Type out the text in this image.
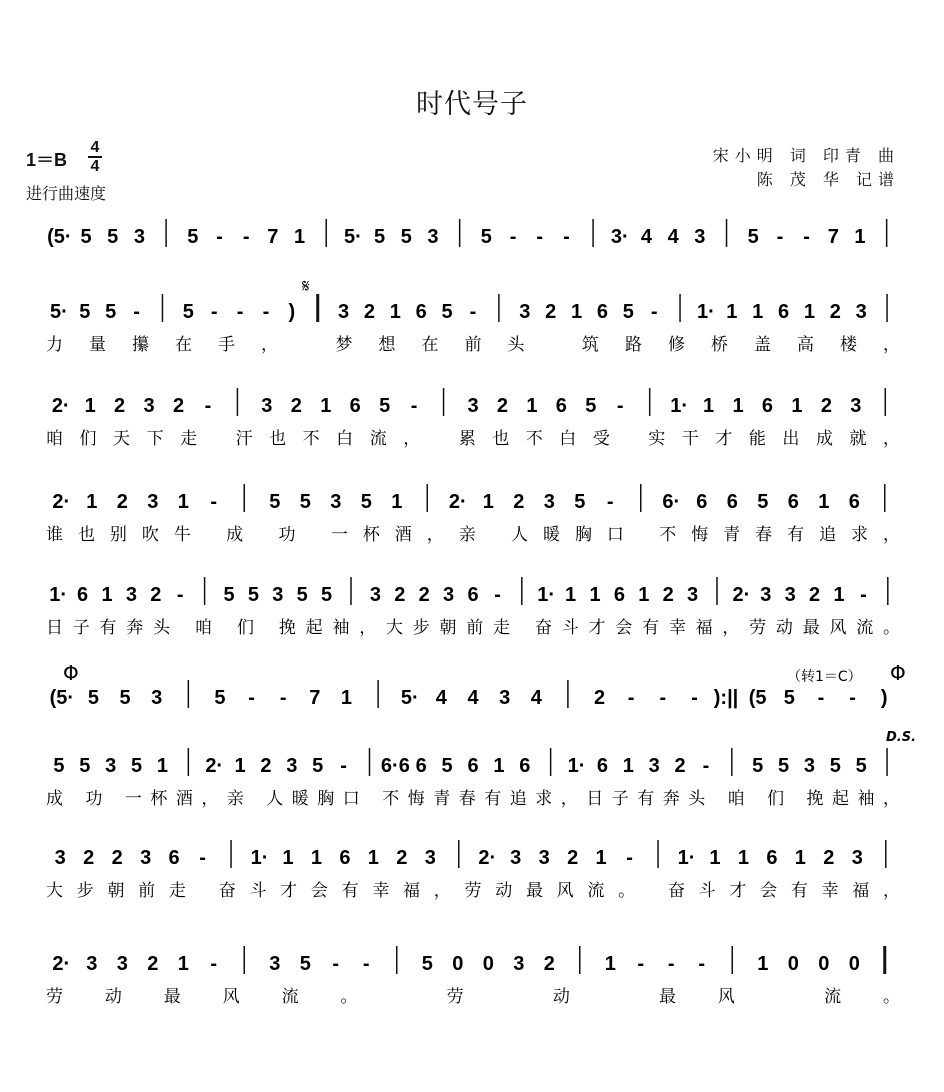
时代号子
1＝B
4
4
进行曲速度
宋小明 词 印青 曲
陈 茂 华 记谱
(5· 5 5 3 5 - - 7 1 5· 5 5 3 5 - - - 3· 4 4 3 5 - - 7 1
5· 5 5 - 5 - - - ) 3 2 1 6 5 - 3 2 1 6 5 - 1· 1 1 6 1 2 3
力量攥在手， 梦想在前头 筑路修桥盖高楼，
2· 1 2 3 2 - 3 2 1 6 5 - 3 2 1 6 5 - 1· 1 1 6 1 2 3
咱们天下走 汗也不白流， 累也不白受 实干才能出成就，
2· 1 2 3 1 -	5 5 3 5 1 2· 1 2 3 5 - 6· 6 6 5 6 1 6
谁也别吹牛 成 功 一杯酒，亲 人暖胸口 不悔青春有追求，
1· 6 1 3 2 - 5 5 3 5 5 3 2 2 3 6 - 1· 1 1 6 1 2 3 2· 3 3 2 1 -
日子有奔头 咱 们 挽起袖，大步朝前走 奋斗才会有幸福，劳动最风流。
(5· 5 5 3	5 - - 7 1 5· 4 4 3 4	2 - - - ):|| (5 5 - - )
5 5 3 5 1 2· 1 2 3 5 - 6·6 6 5 6 1 6 1· 6 1 3 2 - 5 5 3 5 5
成 功 一杯酒，亲 人暖胸口 不悔青春有追求，日子有奔头 咱 们 挽起袖，
3 2 2 3 6 - 1· 1 1 6 1 2 3 2· 3 3 2 1 - 1· 1 1 6 1 2 3
大步朝前走 奋斗才会有幸福，劳动最风流。 奋斗才会有幸福，
2· 3 3 2 1 -	3 5 - -	5 0 0 3 2 1 - - -	1 0 0 0
劳动最风流。 劳 动 最风 流。
𝄋
Φ	Φ
（转1＝C）
D.S.
